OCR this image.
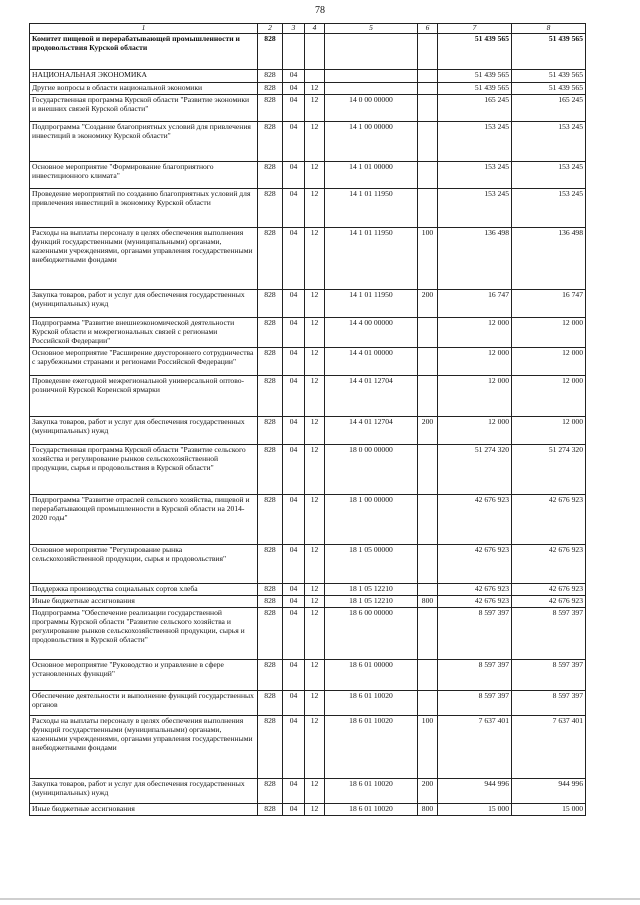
78
1	2	3	4	5	6	7	8
Комитет пищевой и перерабатывающей промышленности и продовольствия Курской области	828					51 439 565	51 439 565
НАЦИОНАЛЬНАЯ ЭКОНОМИКА	828	04				51 439 565	51 439 565
Другие вопросы в области национальной экономики	828	04	12			51 439 565	51 439 565
Государственная программа Курской области "Развитие экономики и внешних связей Курской области"	828	04	12	14 0 00 00000		165 245	165 245
Подпрограмма "Создание благоприятных условий для привлечения инвестиций в экономику Курской области"	828	04	12	14 1 00 00000		153 245	153 245
Основное мероприятие "Формирование благоприятного инвестиционного климата"	828	04	12	14 1 01 00000		153 245	153 245
Проведение мероприятий по созданию благоприятных условий для привлечения инвестиций в экономику Курской области	828	04	12	14 1 01 11950		153 245	153 245
Расходы на выплаты персоналу в целях обеспечения выполнения функций государственными (муниципальными) органами, казенными учреждениями, органами управления государственными внебюджетными фондами	828	04	12	14 1 01 11950	100	136 498	136 498
Закупка товаров, работ и услуг для обеспечения государственных (муниципальных) нужд	828	04	12	14 1 01 11950	200	16 747	16 747
Подпрограмма "Развитие внешнеэкономической деятельности Курской области и межрегиональных связей с регионами Российской Федерации"	828	04	12	14 4 00 00000		12 000	12 000
Основное мероприятие "Расширение двустороннего сотрудничества с зарубежными странами и регионами Российской Федерации"	828	04	12	14 4 01 00000		12 000	12 000
Проведение ежегодной межрегиональной универсальной оптово-розничной Курской Коренской ярмарки	828	04	12	14 4 01 12704		12 000	12 000
Закупка товаров, работ и услуг для обеспечения государственных (муниципальных) нужд	828	04	12	14 4 01 12704	200	12 000	12 000
Государственная программа Курской области "Развитие сельского хозяйства и регулирование рынков сельскохозяйственной продукции, сырья и продовольствия в Курской области"	828	04	12	18 0 00 00000		51 274 320	51 274 320
Подпрограмма "Развитие отраслей сельского хозяйства, пищевой и перерабатывающей промышленности в Курской области на 2014-2020 годы"	828	04	12	18 1 00 00000		42 676 923	42 676 923
Основное мероприятие "Регулирование рынка сельскохозяйственной продукции, сырья и продовольствия"	828	04	12	18 1 05 00000		42 676 923	42 676 923
Поддержка производства социальных сортов хлеба	828	04	12	18 1 05 12210		42 676 923	42 676 923
Иные бюджетные ассигнования	828	04	12	18 1 05 12210	800	42 676 923	42 676 923
Подпрограмма "Обеспечение реализации государственной программы Курской области "Развитие сельского хозяйства и регулирование рынков сельскохозяйственной продукции, сырья и продовольствия в Курской области"	828	04	12	18 6 00 00000		8 597 397	8 597 397
Основное мероприятие "Руководство и управление в сфере установленных функций"	828	04	12	18 6 01 00000		8 597 397	8 597 397
Обеспечение деятельности и выполнение функций государственных органов	828	04	12	18 6 01 10020		8 597 397	8 597 397
Расходы на выплаты персоналу в целях обеспечения выполнения функций государственными (муниципальными) органами, казенными учреждениями, органами управления государственными внебюджетными фондами	828	04	12	18 6 01 10020	100	7 637 401	7 637 401
Закупка товаров, работ и услуг для обеспечения государственных (муниципальных) нужд	828	04	12	18 6 01 10020	200	944 996	944 996
Иные бюджетные ассигнования	828	04	12	18 6 01 10020	800	15 000	15 000
